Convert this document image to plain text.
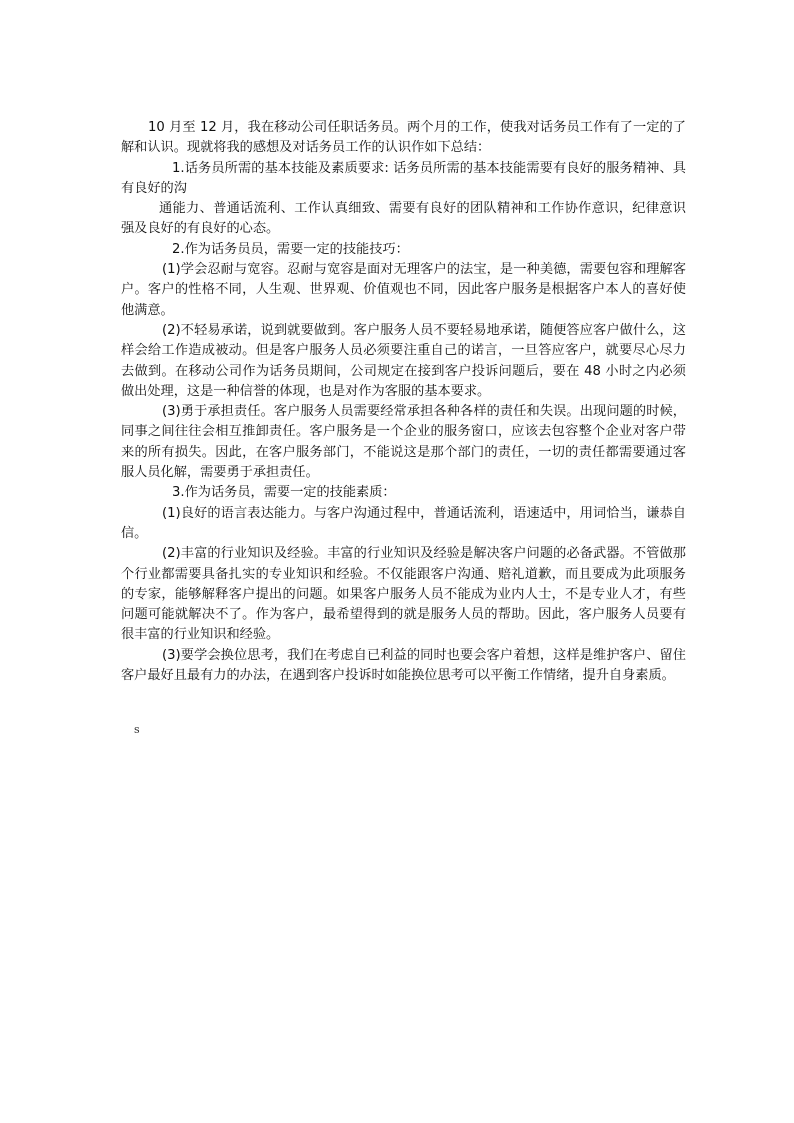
10 月至 12 月，我在移动公司任职话务员。两个月的工作，使我对话务员工作有了一定的了解和认识。现就将我的感想及对话务员工作的认识作如下总结：

1.话务员所需的基本技能及素质要求: 话务员所需的基本技能需要有良好的服务精神、具有良好的沟

通能力、普通话流利、工作认真细致、需要有良好的团队精神和工作协作意识，纪律意识强及良好的有良好的心态。

2.作为话务员员，需要一定的技能技巧：

(1)学会忍耐与宽容。忍耐与宽容是面对无理客户的法宝，是一种美德，需要包容和理解客户。客户的性格不同，人生观、世界观、价值观也不同，因此客户服务是根据客户本人的喜好使他满意。

(2)不轻易承诺，说到就要做到。客户服务人员不要轻易地承诺，随便答应客户做什么，这样会给工作造成被动。但是客户服务人员必须要注重自己的诺言，一旦答应客户，就要尽心尽力去做到。在移动公司作为话务员期间，公司规定在接到客户投诉问题后，要在 48 小时之内必须做出处理，这是一种信誉的体现，也是对作为客服的基本要求。

(3)勇于承担责任。客户服务人员需要经常承担各种各样的责任和失误。出现问题的时候，同事之间往往会相互推卸责任。客户服务是一个企业的服务窗口，应该去包容整个企业对客户带来的所有损失。因此，在客户服务部门，不能说这是那个部门的责任，一切的责任都需要通过客服人员化解，需要勇于承担责任。

3.作为话务员，需要一定的技能素质：

(1)良好的语言表达能力。与客户沟通过程中，普通话流利，语速适中，用词恰当，谦恭自信。

(2)丰富的行业知识及经验。丰富的行业知识及经验是解决客户问题的必备武器。不管做那个行业都需要具备扎实的专业知识和经验。不仅能跟客户沟通、赔礼道歉，而且要成为此项服务的专家，能够解释客户提出的问题。如果客户服务人员不能成为业内人士，不是专业人才，有些问题可能就解决不了。作为客户，最希望得到的就是服务人员的帮助。因此，客户服务人员要有很丰富的行业知识和经验。

(3)要学会换位思考，我们在考虑自已利益的同时也要会客户着想，这样是维护客户、留住客户最好且最有力的办法，在遇到客户投诉时如能换位思考可以平衡工作情绪，提升自身素质。

s
